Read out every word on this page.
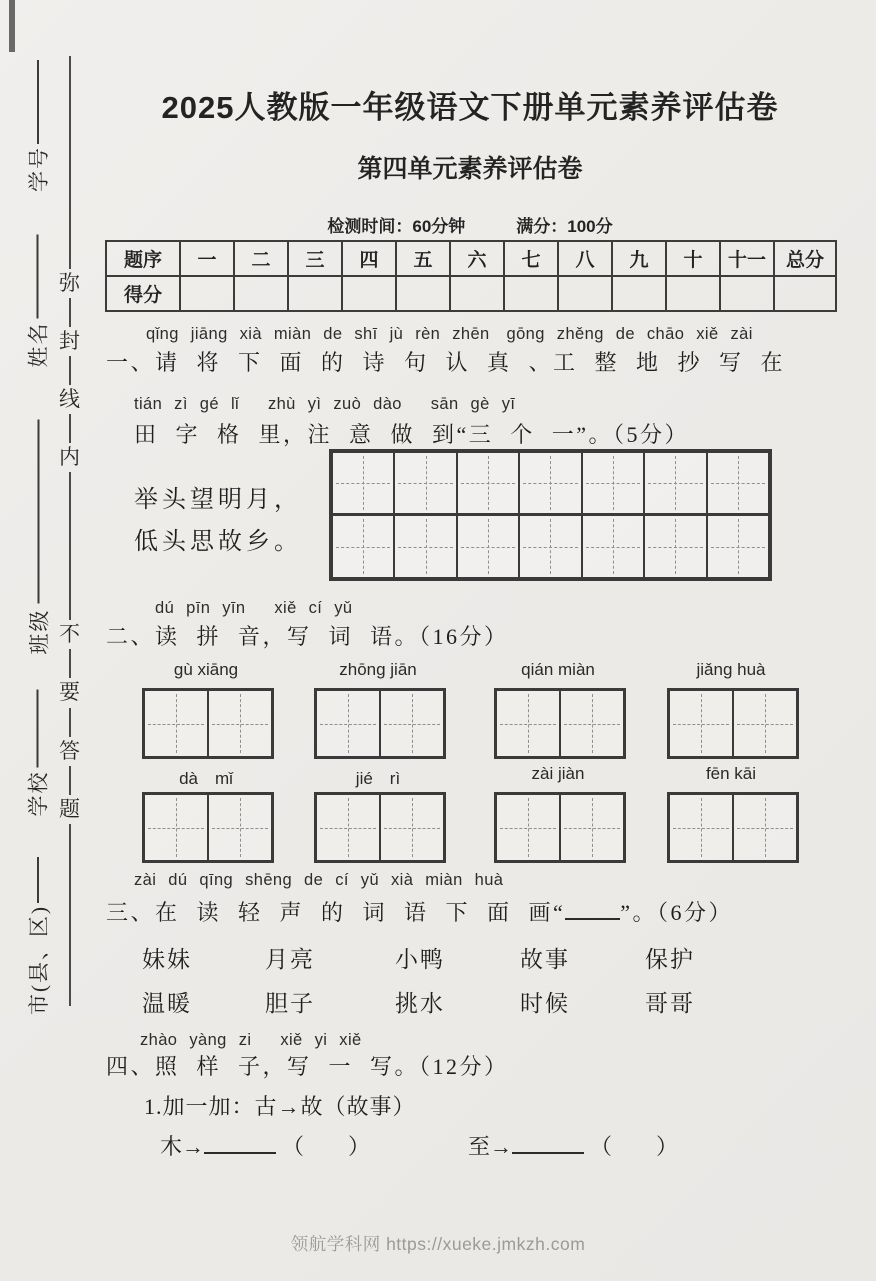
学号
姓名
班级
学校
市(县、区)
弥
封
线
内
不
要
答
题
2025人教版一年级语文下册单元素养评估卷
第四单元素养评估卷
检测时间：60分钟　　　满分：100分
题序	一	二	三	四	五	六	七	八	九	十	十一	总分
得分												
qǐng jiāng xià miàn de shī jù rèn zhēn　gōng zhěng de chāo xiě zài
一、请 将 下 面 的 诗 句 认 真 、工 整 地 抄 写 在
tián zì gé lǐ　 zhù yì zuò dào　 sān gè yī
田 字 格 里，注 意 做 到“三 个 一”。（5分）
举头望明月，
低头思故乡。
dú pīn yīn　 xiě cí yǔ
二、读 拼 音，写 词 语。（16分）
gù xiāng	zhōng jiān	qián miàn	jiǎng huà
dà　mǐ	jié　rì	zài jiàn	fēn kāi
zài dú qīng shēng de cí yǔ xià miàn huà
三、在 读 轻 声 的 词 语 下 面 画“	”。（6分）
妹妹	月亮	小鸭	故事	保护
温暖	胆子	挑水	时候	哥哥
zhào yàng zi　 xiě yi xiě
四、照 样 子，写 一 写。（12分）
1.加一加：古→故（故事）
木→	（　　）	至→	（　　）
领航学科网 https://xueke.jmkzh.com
